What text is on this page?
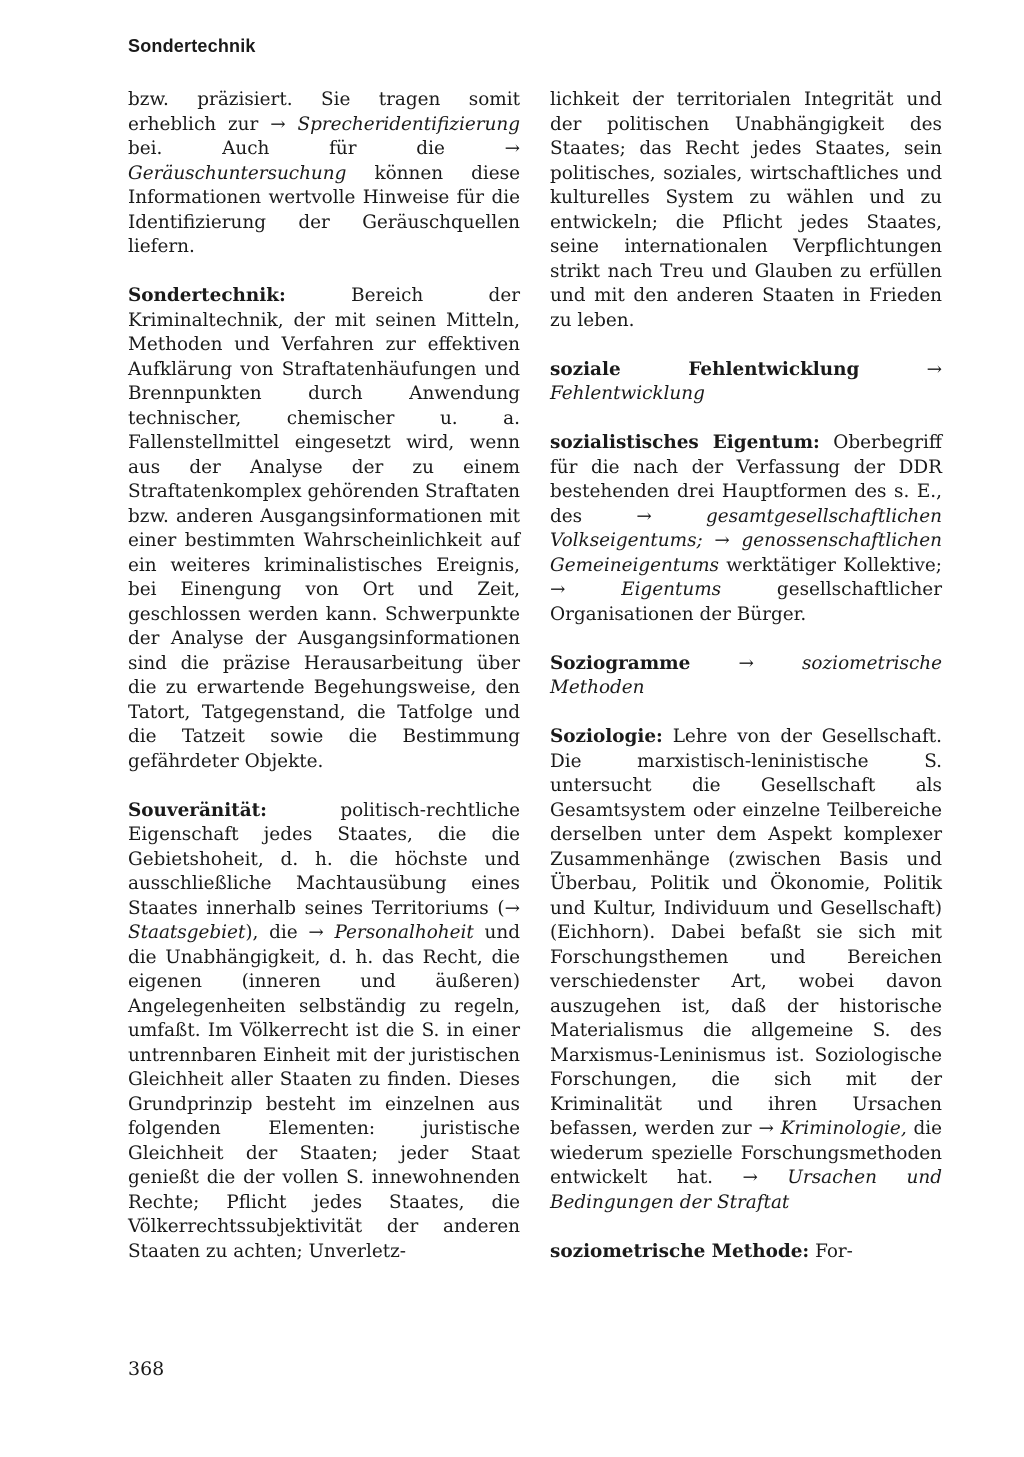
Sondertechnik

bzw. präzisiert. Sie tragen somit erheblich zur → Sprecheridentifizierung bei. Auch für die → Geräuschuntersuchung können diese Informationen wertvolle Hinweise für die Identifizierung der Geräuschquellen liefern.

Sondertechnik: Bereich der Kriminaltechnik, der mit seinen Mitteln, Methoden und Verfahren zur effektiven Aufklärung von Straftatenhäufungen und Brennpunkten durch Anwendung technischer, chemischer u. a. Fallenstellmittel eingesetzt wird, wenn aus der Analyse der zu einem Straftatenkomplex gehörenden Straftaten bzw. anderen Ausgangsinformationen mit einer bestimmten Wahrscheinlichkeit auf ein weiteres kriminalistisches Ereignis, bei Einengung von Ort und Zeit, geschlossen werden kann. Schwerpunkte der Analyse der Ausgangsinformationen sind die präzise Herausarbeitung über die zu erwartende Begehungsweise, den Tatort, Tatgegenstand, die Tatfolge und die Tatzeit sowie die Bestimmung gefährdeter Objekte.

Souveränität: politisch-rechtliche Eigenschaft jedes Staates, die die Gebietshoheit, d. h. die höchste und ausschließliche Machtausübung eines Staates innerhalb seines Territoriums (→ Staatsgebiet), die → Personalhoheit und die Unabhängigkeit, d. h. das Recht, die eigenen (inneren und äußeren) Angelegenheiten selbständig zu regeln, umfaßt. Im Völkerrecht ist die S. in einer untrennbaren Einheit mit der juristischen Gleichheit aller Staaten zu finden. Dieses Grundprinzip besteht im einzelnen aus folgenden Elementen: juristische Gleichheit der Staaten; jeder Staat genießt die der vollen S. innewohnenden Rechte; Pflicht jedes Staates, die Völkerrechtssubjektivität der anderen Staaten zu achten; Unverletz-

lichkeit der territorialen Integrität und der politischen Unabhängigkeit des Staates; das Recht jedes Staates, sein politisches, soziales, wirtschaftliches und kulturelles System zu wählen und zu entwickeln; die Pflicht jedes Staates, seine internationalen Verpflichtungen strikt nach Treu und Glauben zu erfüllen und mit den anderen Staaten in Frieden zu leben.

soziale Fehlentwicklung	→ Fehlentwicklung

sozialistisches Eigentum: Oberbegriff für die nach der Verfassung der DDR bestehenden drei Hauptformen des s. E., des → gesamtgesellschaftlichen Volkseigentums; → genossenschaftlichen Gemeineigentums werktätiger Kollektive; → Eigentums gesellschaftlicher Organisationen der Bürger.

Soziogramme	→ soziometrische Methoden

Soziologie: Lehre von der Gesellschaft. Die marxistisch-leninistische S. untersucht die Gesellschaft als Gesamtsystem oder einzelne Teilbereiche derselben unter dem Aspekt komplexer Zusammenhänge (zwischen Basis und Überbau, Politik und Ökonomie, Politik und Kultur, Individuum und Gesellschaft) (Eichhorn). Dabei befaßt sie sich mit Forschungsthemen und Bereichen verschiedenster Art, wobei davon auszugehen ist, daß der historische Materialismus die allgemeine S. des Marxismus-Leninismus ist. Soziologische Forschungen, die sich mit der Kriminalität und ihren Ursachen befassen, werden zur → Kriminologie, die wiederum spezielle Forschungsmethoden entwickelt hat. → Ursachen und Bedingungen der Straftat

soziometrische Methode: For-

368
